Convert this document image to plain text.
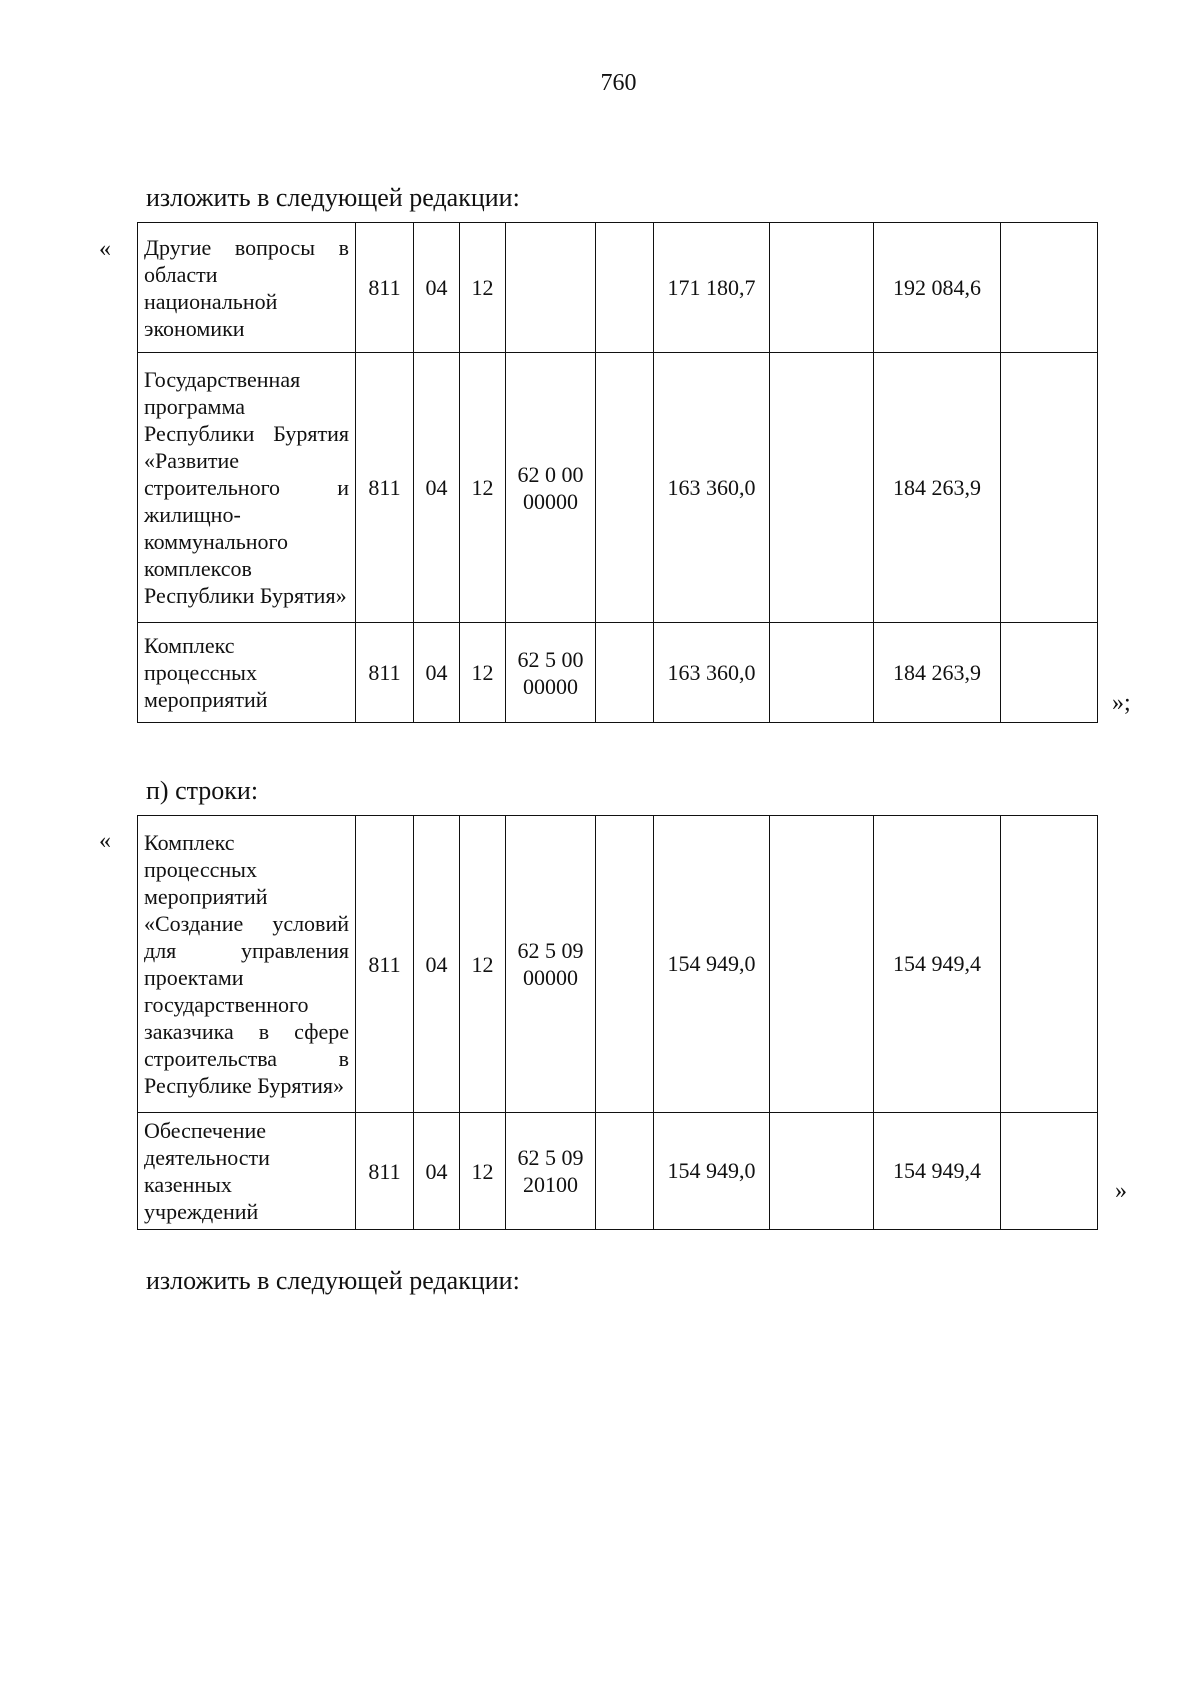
760
изложить в следующей редакции:
« Другие вопросы в области национальной экономики	811	04	12			171 180,7		192 084,6	
Государственная программа Республики Бурятия «Развитие строительного и жилищно-коммунального комплексов Республики Бурятия»	811	04	12	62 0 00 00000		163 360,0		184 263,9	
Комплекс процессных мероприятий	811	04	12	62 5 00 00000		163 360,0		184 263,9	
»;
п) строки:
« Комплекс процессных мероприятий «Создание условий для управления проектами государственного заказчика в сфере строительства в Республике Бурятия»	811	04	12	62 5 09 00000		154 949,0		154 949,4	
Обеспечение деятельности казенных учреждений	811	04	12	62 5 09 20100		154 949,0		154 949,4	
»
изложить в следующей редакции:
